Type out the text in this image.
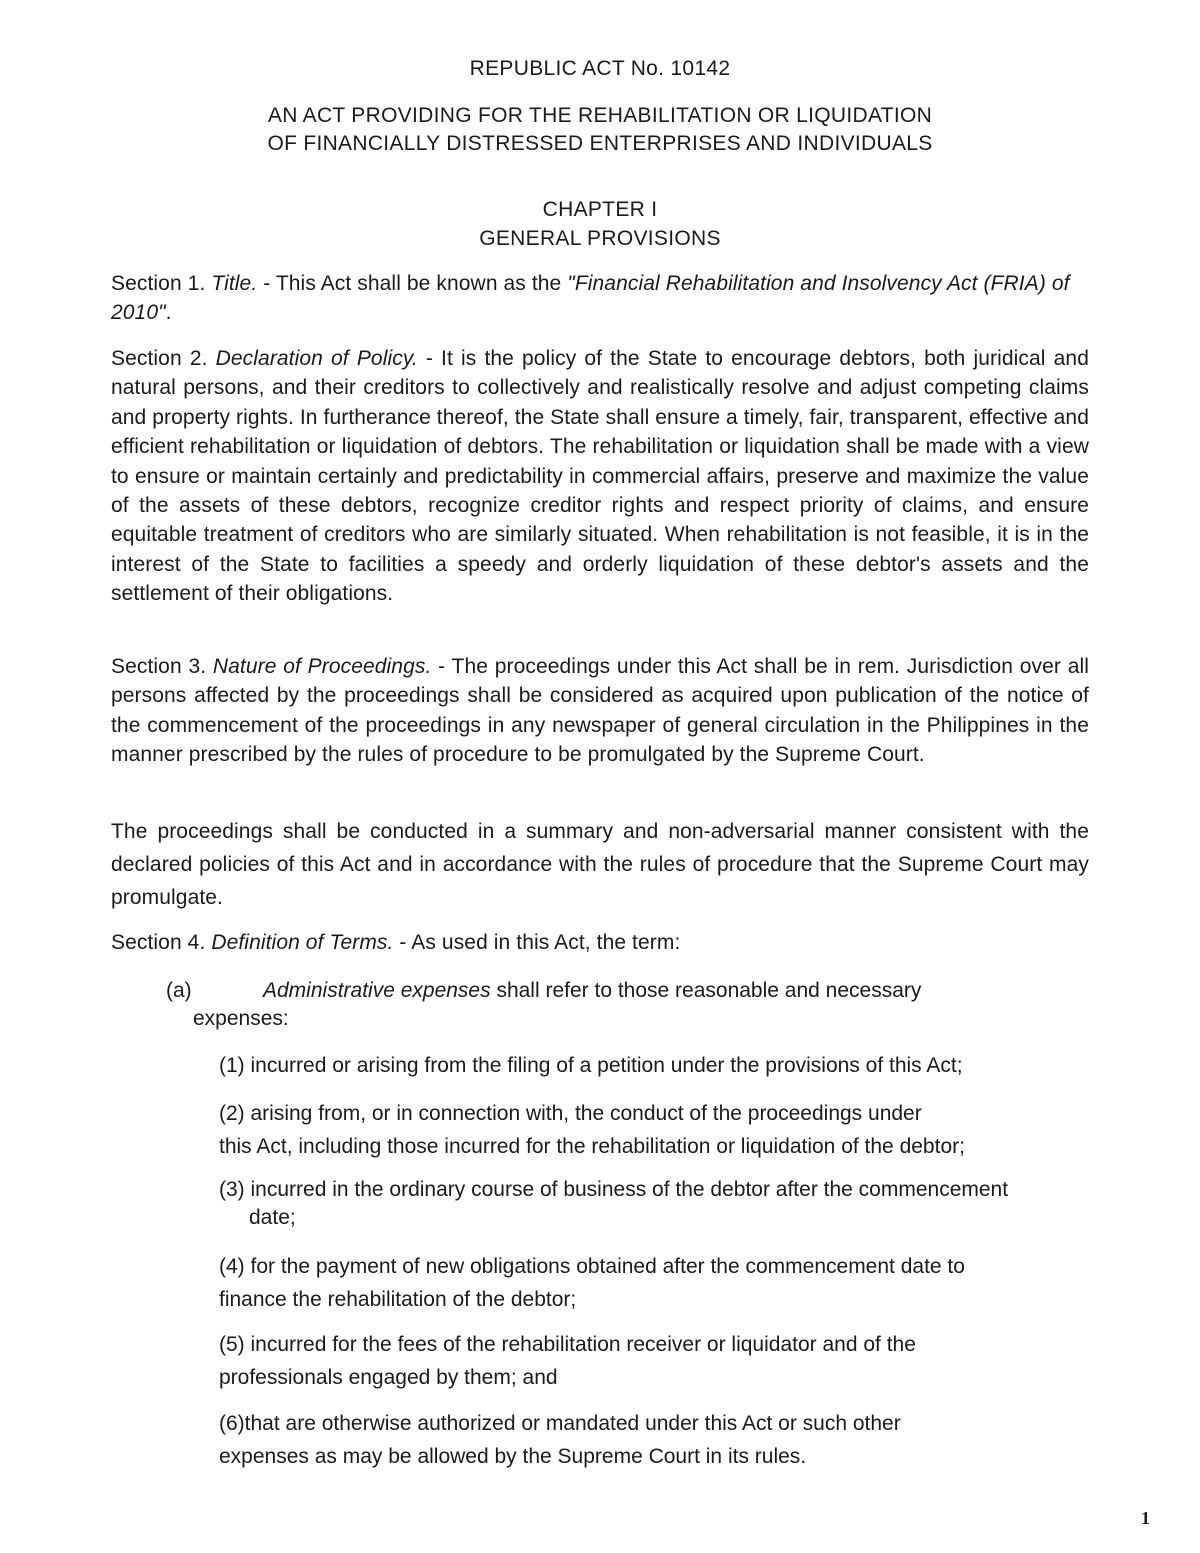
REPUBLIC ACT No. 10142
AN ACT PROVIDING FOR THE REHABILITATION OR LIQUIDATION
OF FINANCIALLY DISTRESSED ENTERPRISES AND INDIVIDUALS
CHAPTER I
GENERAL PROVISIONS
Section 1. Title. - This Act shall be known as the "Financial Rehabilitation and Insolvency Act (FRIA) of 2010".
Section 2. Declaration of Policy. - It is the policy of the State to encourage debtors, both juridical and natural persons, and their creditors to collectively and realistically resolve and adjust competing claims and property rights. In furtherance thereof, the State shall ensure a timely, fair, transparent, effective and efficient rehabilitation or liquidation of debtors. The rehabilitation or liquidation shall be made with a view to ensure or maintain certainly and predictability in commercial affairs, preserve and maximize the value of the assets of these debtors, recognize creditor rights and respect priority of claims, and ensure equitable treatment of creditors who are similarly situated. When rehabilitation is not feasible, it is in the interest of the State to facilities a speedy and orderly liquidation of these debtor's assets and the settlement of their obligations.
Section 3. Nature of Proceedings. - The proceedings under this Act shall be in rem. Jurisdiction over all persons affected by the proceedings shall be considered as acquired upon publication of the notice of the commencement of the proceedings in any newspaper of general circulation in the Philippines in the manner prescribed by the rules of procedure to be promulgated by the Supreme Court.
The proceedings shall be conducted in a summary and non-adversarial manner consistent with the declared policies of this Act and in accordance with the rules of procedure that the Supreme Court may promulgate.
Section 4. Definition of Terms. - As used in this Act, the term:
(a)	Administrative expenses shall refer to those reasonable and necessary
expenses:
(1) incurred or arising from the filing of a petition under the provisions of this Act;
(2) arising from, or in connection with, the conduct of the proceedings under
this Act, including those incurred for the rehabilitation or liquidation of the debtor;
(3) incurred in the ordinary course of business of the debtor after the commencement
date;
(4) for the payment of new obligations obtained after the commencement date to
finance the rehabilitation of the debtor;
(5) incurred for the fees of the rehabilitation receiver or liquidator and of the
professionals engaged by them; and
(6)that are otherwise authorized or mandated under this Act or such other
expenses as may be allowed by the Supreme Court in its rules.
1
